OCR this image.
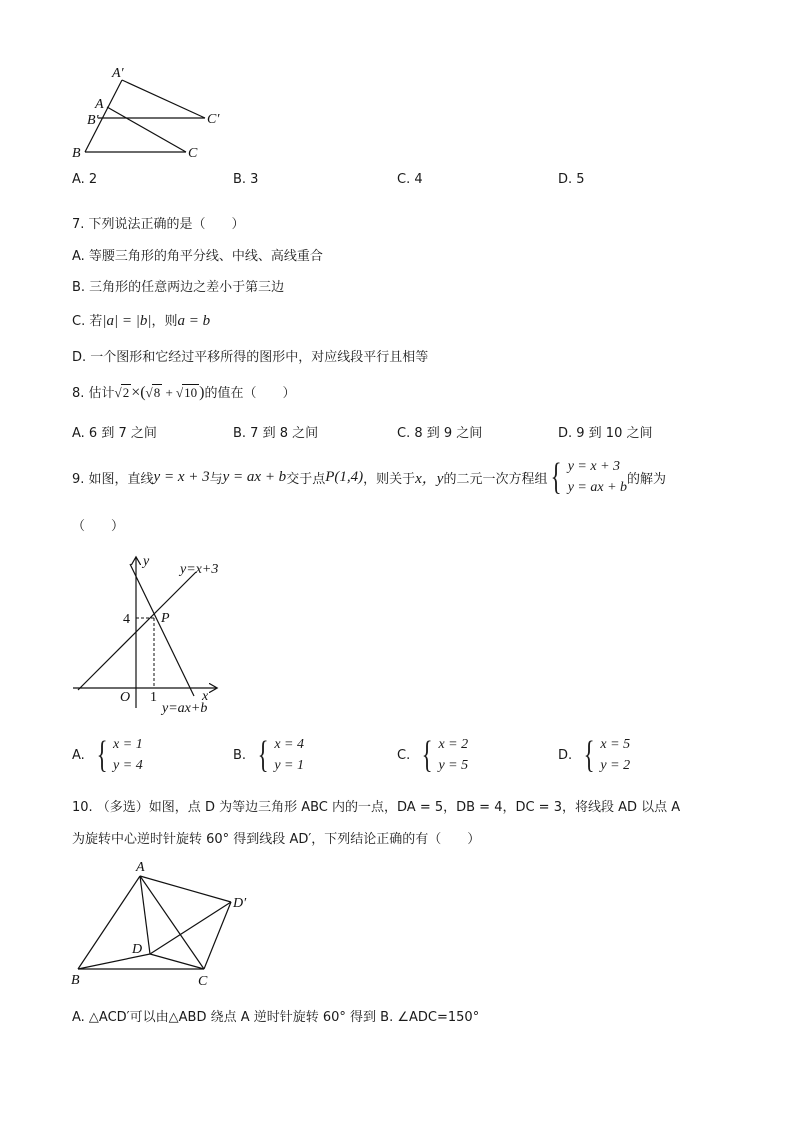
A′
A
B′	C′
B	C
A. 2	B. 3	C. 4	D. 5
7. 下列说法正确的是（　　）
A. 等腰三角形的角平分线、中线、高线重合
B. 三角形的任意两边之差小于第三边
C. 若|a| = |b|，则a = b
D. 一个图形和它经过平移所得的图形中，对应线段平行且相等
8. 估计√2 ×(√8 + √10 )的值在（　　）
A. 6 到 7 之间	B. 7 到 8 之间	C. 8 到 9 之间	D. 9 到 10 之间
9. 如图，直线 y = x + 3 与 y = ax + b 交于点 P(1,4) ，则关于 x，y 的二元一次方程组 { y = x + 3
y = ax + b
的解为
（　　）
y
x
O
4
1
P
y=x+3
y=ax+b
A. { x = 1
y = 4
B. { x = 4
y = 1
C. { x = 2
y = 5
D. { x = 5
y = 2
10. （多选）如图，点 D 为等边三角形 ABC 内的一点，DA = 5，DB = 4，DC = 3，将线段 AD 以点 A
为旋转中心逆时针旋转 60° 得到线段 AD′，下列结论正确的有（　　）
A
B	C
D
D′
A. △ACD′可以由△ABD 绕点 A 逆时针旋转 60° 得到 B. ∠ADC=150°
